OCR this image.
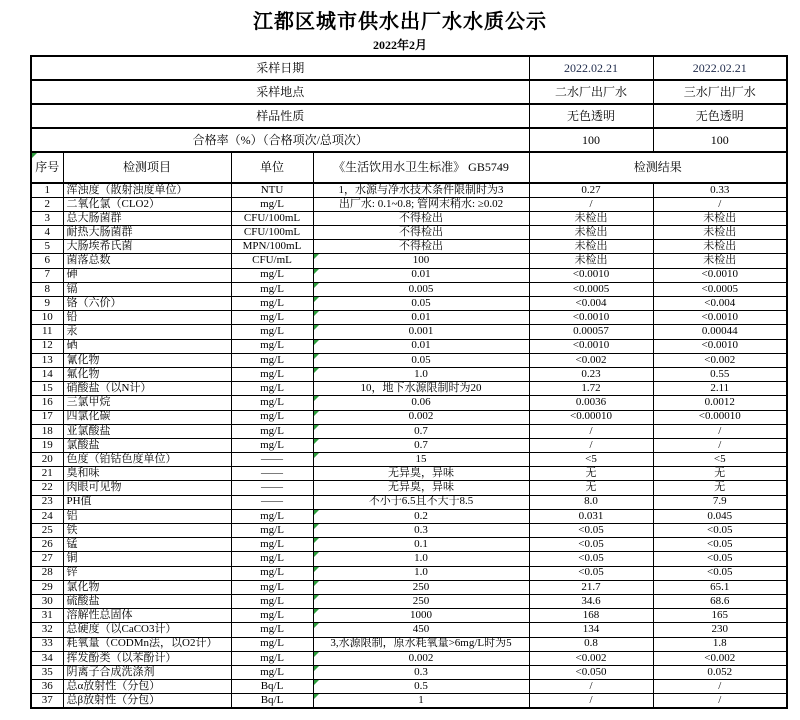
江都区城市供水出厂水水质公示
2022年2月
采样日期				2022.02.21	2022.02.21
采样地点				二水厂出厂水	三水厂出厂水
样品性质				无色透明	无色透明
合格率（%）（合格项次/总项次）				100	100
序号	检测项目	单位	《生活饮用水卫生标准》 GB5749	检测结果	
1	浑浊度（散射浊度单位）	NTU	1，水源与净水技术条件限制时为3	0.27	0.33
2	二氧化氯（CLO2）	mg/L	出厂水: 0.1~0.8; 管网末稍水: ≥0.02	/	/
3	总大肠菌群	CFU/100mL	不得检出	未检出	未检出
4	耐热大肠菌群	CFU/100mL	不得检出	未检出	未检出
5	大肠埃希氏菌	MPN/100mL	不得检出	未检出	未检出
6	菌落总数	CFU/mL	100	未检出	未检出
7	砷	mg/L	0.01	<0.0010	<0.0010
8	镉	mg/L	0.005	<0.0005	<0.0005
9	铬（六价）	mg/L	0.05	<0.004	<0.004
10	铅	mg/L	0.01	<0.0010	<0.0010
11	汞	mg/L	0.001	0.00057	0.00044
12	硒	mg/L	0.01	<0.0010	<0.0010
13	氰化物	mg/L	0.05	<0.002	<0.002
14	氟化物	mg/L	1.0	0.23	0.55
15	硝酸盐（以N计）	mg/L	10，地下水源限制时为20	1.72	2.11
16	三氯甲烷	mg/L	0.06	0.0036	0.0012
17	四氯化碳	mg/L	0.002	<0.00010	<0.00010
18	亚氯酸盐	mg/L	0.7	/	/
19	氯酸盐	mg/L	0.7	/	/
20	色度（铂钴色度单位）	——	15	<5	<5
21	臭和味	——	无异臭，异味	无	无
22	肉眼可见物	——	无异臭，异味	无	无
23	PH值	——	不小于6.5且不大于8.5	8.0	7.9
24	铝	mg/L	0.2	0.031	0.045
25	铁	mg/L	0.3	<0.05	<0.05
26	锰	mg/L	0.1	<0.05	<0.05
27	铜	mg/L	1.0	<0.05	<0.05
28	锌	mg/L	1.0	<0.05	<0.05
29	氯化物	mg/L	250	21.7	65.1
30	硫酸盐	mg/L	250	34.6	68.6
31	溶解性总固体	mg/L	1000	168	165
32	总硬度（以CaCO3计）	mg/L	450	134	230
33	耗氧量（CODMn法，以O2计）	mg/L	3,水源限制，原水耗氧量>6mg/L时为5	0.8	1.8
34	挥发酚类（以苯酚计）	mg/L	0.002	<0.002	<0.002
35	阴离子合成洗涤剂	mg/L	0.3	<0.050	0.052
36	总α放射性（分包）	Bq/L	0.5	/	/
37	总β放射性（分包）	Bq/L	1	/	/
